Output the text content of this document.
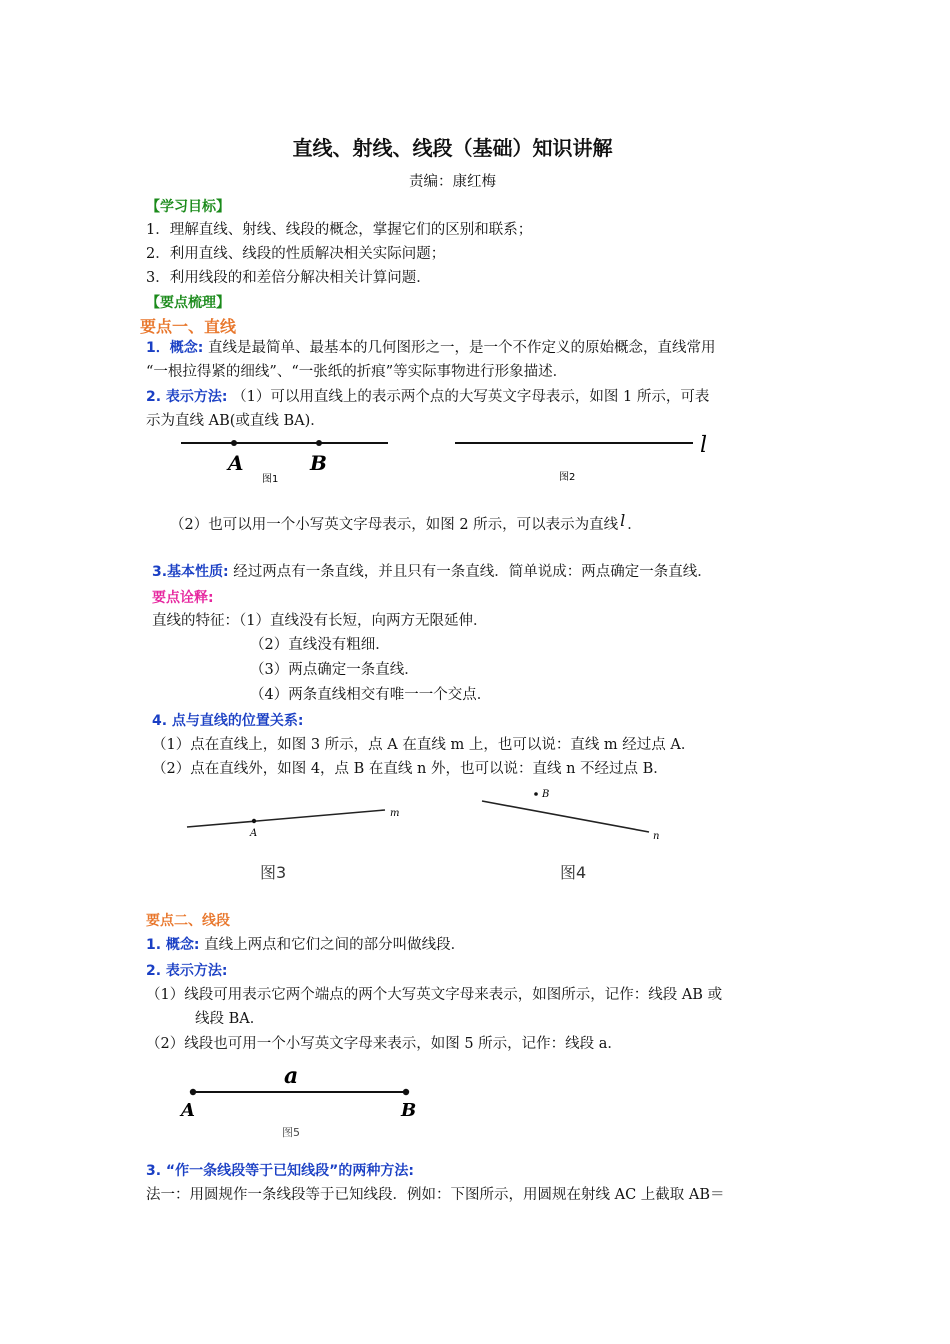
直线、射线、线段（基础）知识讲解
责编：康红梅
【学习目标】
1．理解直线、射线、线段的概念，掌握它们的区别和联系；
2．利用直线、线段的性质解决相关实际问题；
3．利用线段的和差倍分解决相关计算问题．
【要点梳理】
要点一、直线
1．概念: 直线是最简单、最基本的几何图形之一，是一个不作定义的原始概念，直线常用
“一根拉得紧的细线”、“一张纸的折痕”等实际事物进行形象描述．
2. 表示方法: （1）可以用直线上的表示两个点的大写英文字母表示，如图 1 所示，可表
示为直线 AB(或直线 BA)．
A	B
图1
l
图2
（2）也可以用一个小写英文字母表示，如图 2 所示，可以表示为直线 l ．
3.基本性质: 经过两点有一条直线，并且只有一条直线．简单说成：两点确定一条直线．
要点诠释:
直线的特征：（1）直线没有长短，向两方无限延伸．
（2）直线没有粗细．
（3）两点确定一条直线．
（4）两条直线相交有唯一一个交点．
4. 点与直线的位置关系:
（1）点在直线上，如图 3 所示，点 A 在直线 m 上，也可以说：直线 m 经过点 A．
（2）点在直线外，如图 4，点 B 在直线 n 外，也可以说：直线 n 不经过点 B．
A
m
图3
B
n
图4
要点二、线段
1. 概念: 直线上两点和它们之间的部分叫做线段．
2. 表示方法:
（1）线段可用表示它两个端点的两个大写英文字母来表示，如图所示，记作：线段 AB 或
线段 BA．
（2）线段也可用一个小写英文字母来表示，如图 5 所示，记作：线段 a．
a
A	B
图5
3. “作一条线段等于已知线段”的两种方法:
法一：用圆规作一条线段等于已知线段．例如：下图所示，用圆规在射线 AC 上截取 AB＝
